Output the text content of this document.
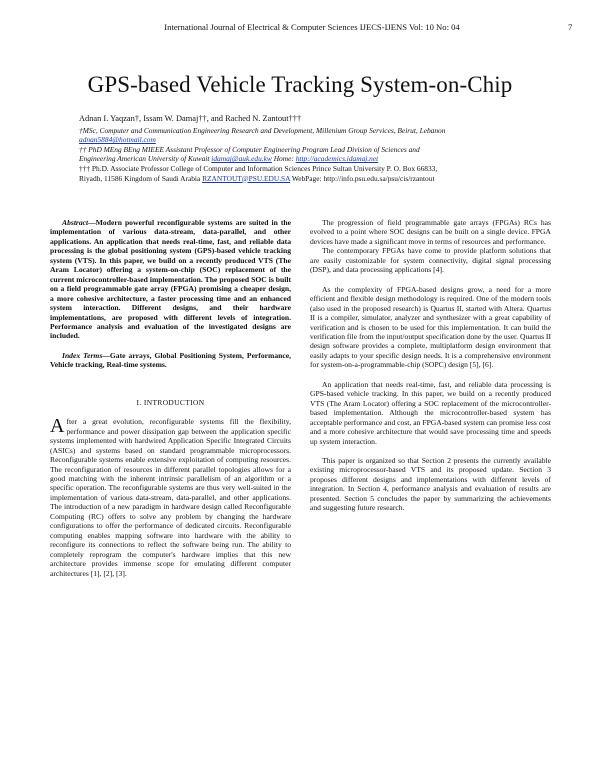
International Journal of Electrical & Computer Sciences IJECS-IJENS Vol: 10 No: 04	7
GPS-based Vehicle Tracking System-on-Chip

Adnan I. Yaqzan†, Issam W. Damaj††, and Rached N. Zantout†††

†MSc, Computer and Communication Engineering Research and Development, Millenium Group Services, Beirut, Lebanon

adnan5884@hotmail.com

†† PhD MEng BEng MIEEE Assistant Professor of Computer Engineering Program Lead Division of Sciences and

Engineering American University of Kuwait idamaj@auk.edu.kw Home: http://academics.idamaj.net

††† Ph.D. Associate Professor College of Computer and Information Sciences Prince Sultan University P. O. Box 66833,

Riyadh, 11586 Kingdom of Saudi Arabia RZANTOUT@PSU.EDU.SA WebPage: http://info.psu.edu.sa/psu/cis/rzantout

Abstract—Modern powerful reconfigurable systems are suited in the implementation of various data-stream, data-parallel, and other applications. An application that needs real-time, fast, and reliable data processing is the global positioning system (GPS)-based vehicle tracking system (VTS). In this paper, we build on a recently produced VTS (The Aram Locator) offering a system-on-chip (SOC) replacement of the current microcontroller-based implementation. The proposed SOC is built on a field programmable gate array (FPGA) promising a cheaper design, a more cohesive architecture, a faster processing time and an enhanced system interaction. Different designs, and their hardware implementations, are proposed with different levels of integration. Performance analysis and evaluation of the investigated designs are included.

Index Terms—Gate arrays, Global Positioning System, Performance, Vehicle tracking, Real-time systems.

I. INTRODUCTION

After a great evolution, reconfigurable systems fill the flexibility, performance and power dissipation gap between the application specific systems implemented with hardwired Application Specific Integrated Circuits (ASICs) and systems based on standard programmable microprocessors. Reconfigurable systems enable extensive exploitation of computing resources. The reconfiguration of resources in different parallel topologies allows for a good matching with the inherent intrinsic parallelism of an algorithm or a specific operation. The reconfigurable systems are thus very well-suited in the implementation of various data-stream, data-parallel, and other applications. The introduction of a new paradigm in hardware design called Reconfigurable Computing (RC) offers to solve any problem by changing the hardware configurations to offer the performance of dedicated circuits. Reconfigurable computing enables mapping software into hardware with the ability to reconfigure its connections to reflect the software being run. The ability to completely reprogram the computer's hardware implies that this new architecture provides immense scope for emulating different computer architectures [1], [2], [3].

The progression of field programmable gate arrays (FPGAs) RCs has evolved to a point where SOC designs can be built on a single device. FPGA devices have made a significant move in terms of resources and performance.

The contemporary FPGAs have come to provide platform solutions that are easily customizable for system connectivity, digital signal processing (DSP), and data processing applications [4].

As the complexity of FPGA-based designs grow, a need for a more efficient and flexible design methodology is required. One of the modern tools (also used in the proposed research) is Quartus II, started with Altera. Quartus II is a compiler, simulator, analyzer and synthesizer with a great capability of verification and is chosen to be used for this implementation. It can build the verification file from the input/output specification done by the user. Quartus II design software provides a complete, multiplatform design environment that easily adapts to your specific design needs. It is a comprehensive environment for system-on-a-programmable-chip (SOPC) design [5], [6].

An application that needs real-time, fast, and reliable data processing is GPS-based vehicle tracking. In this paper, we build on a recently produced VTS (The Aram Locator) offering a SOC replacement of the microcontroller-based implementation. Although the microcontroller-based system has acceptable performance and cost, an FPGA-based system can promise less cost and a more cohesive architecture that would save processing time and speeds up system interaction.

This paper is organized so that Section 2 presents the currently available existing microprocessor-based VTS and its proposed update. Section 3 proposes different designs and implementations with different levels of integration. In Section 4, performance analysis and evaluation of results are presented. Section 5 concludes the paper by summarizing the achievements and suggesting future research.
